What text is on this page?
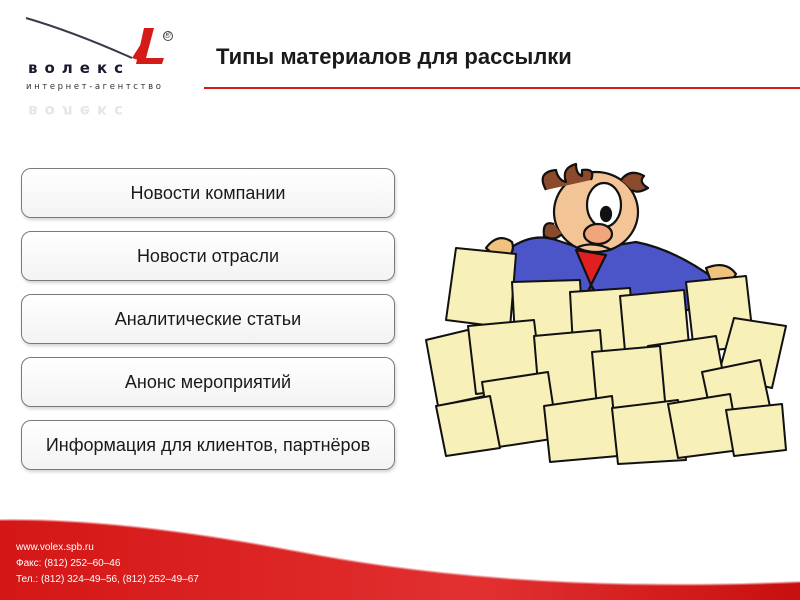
®
волекс
интернет-агентство
волекс
Типы материалов для рассылки
Новости компании
Новости отрасли
Аналитические статьи
Анонс мероприятий
Информация для клиентов, партнёров
www.volex.spb.ru
Факс: (812) 252–60–46
Тел.: (812) 324–49–56, (812) 252–49–67
